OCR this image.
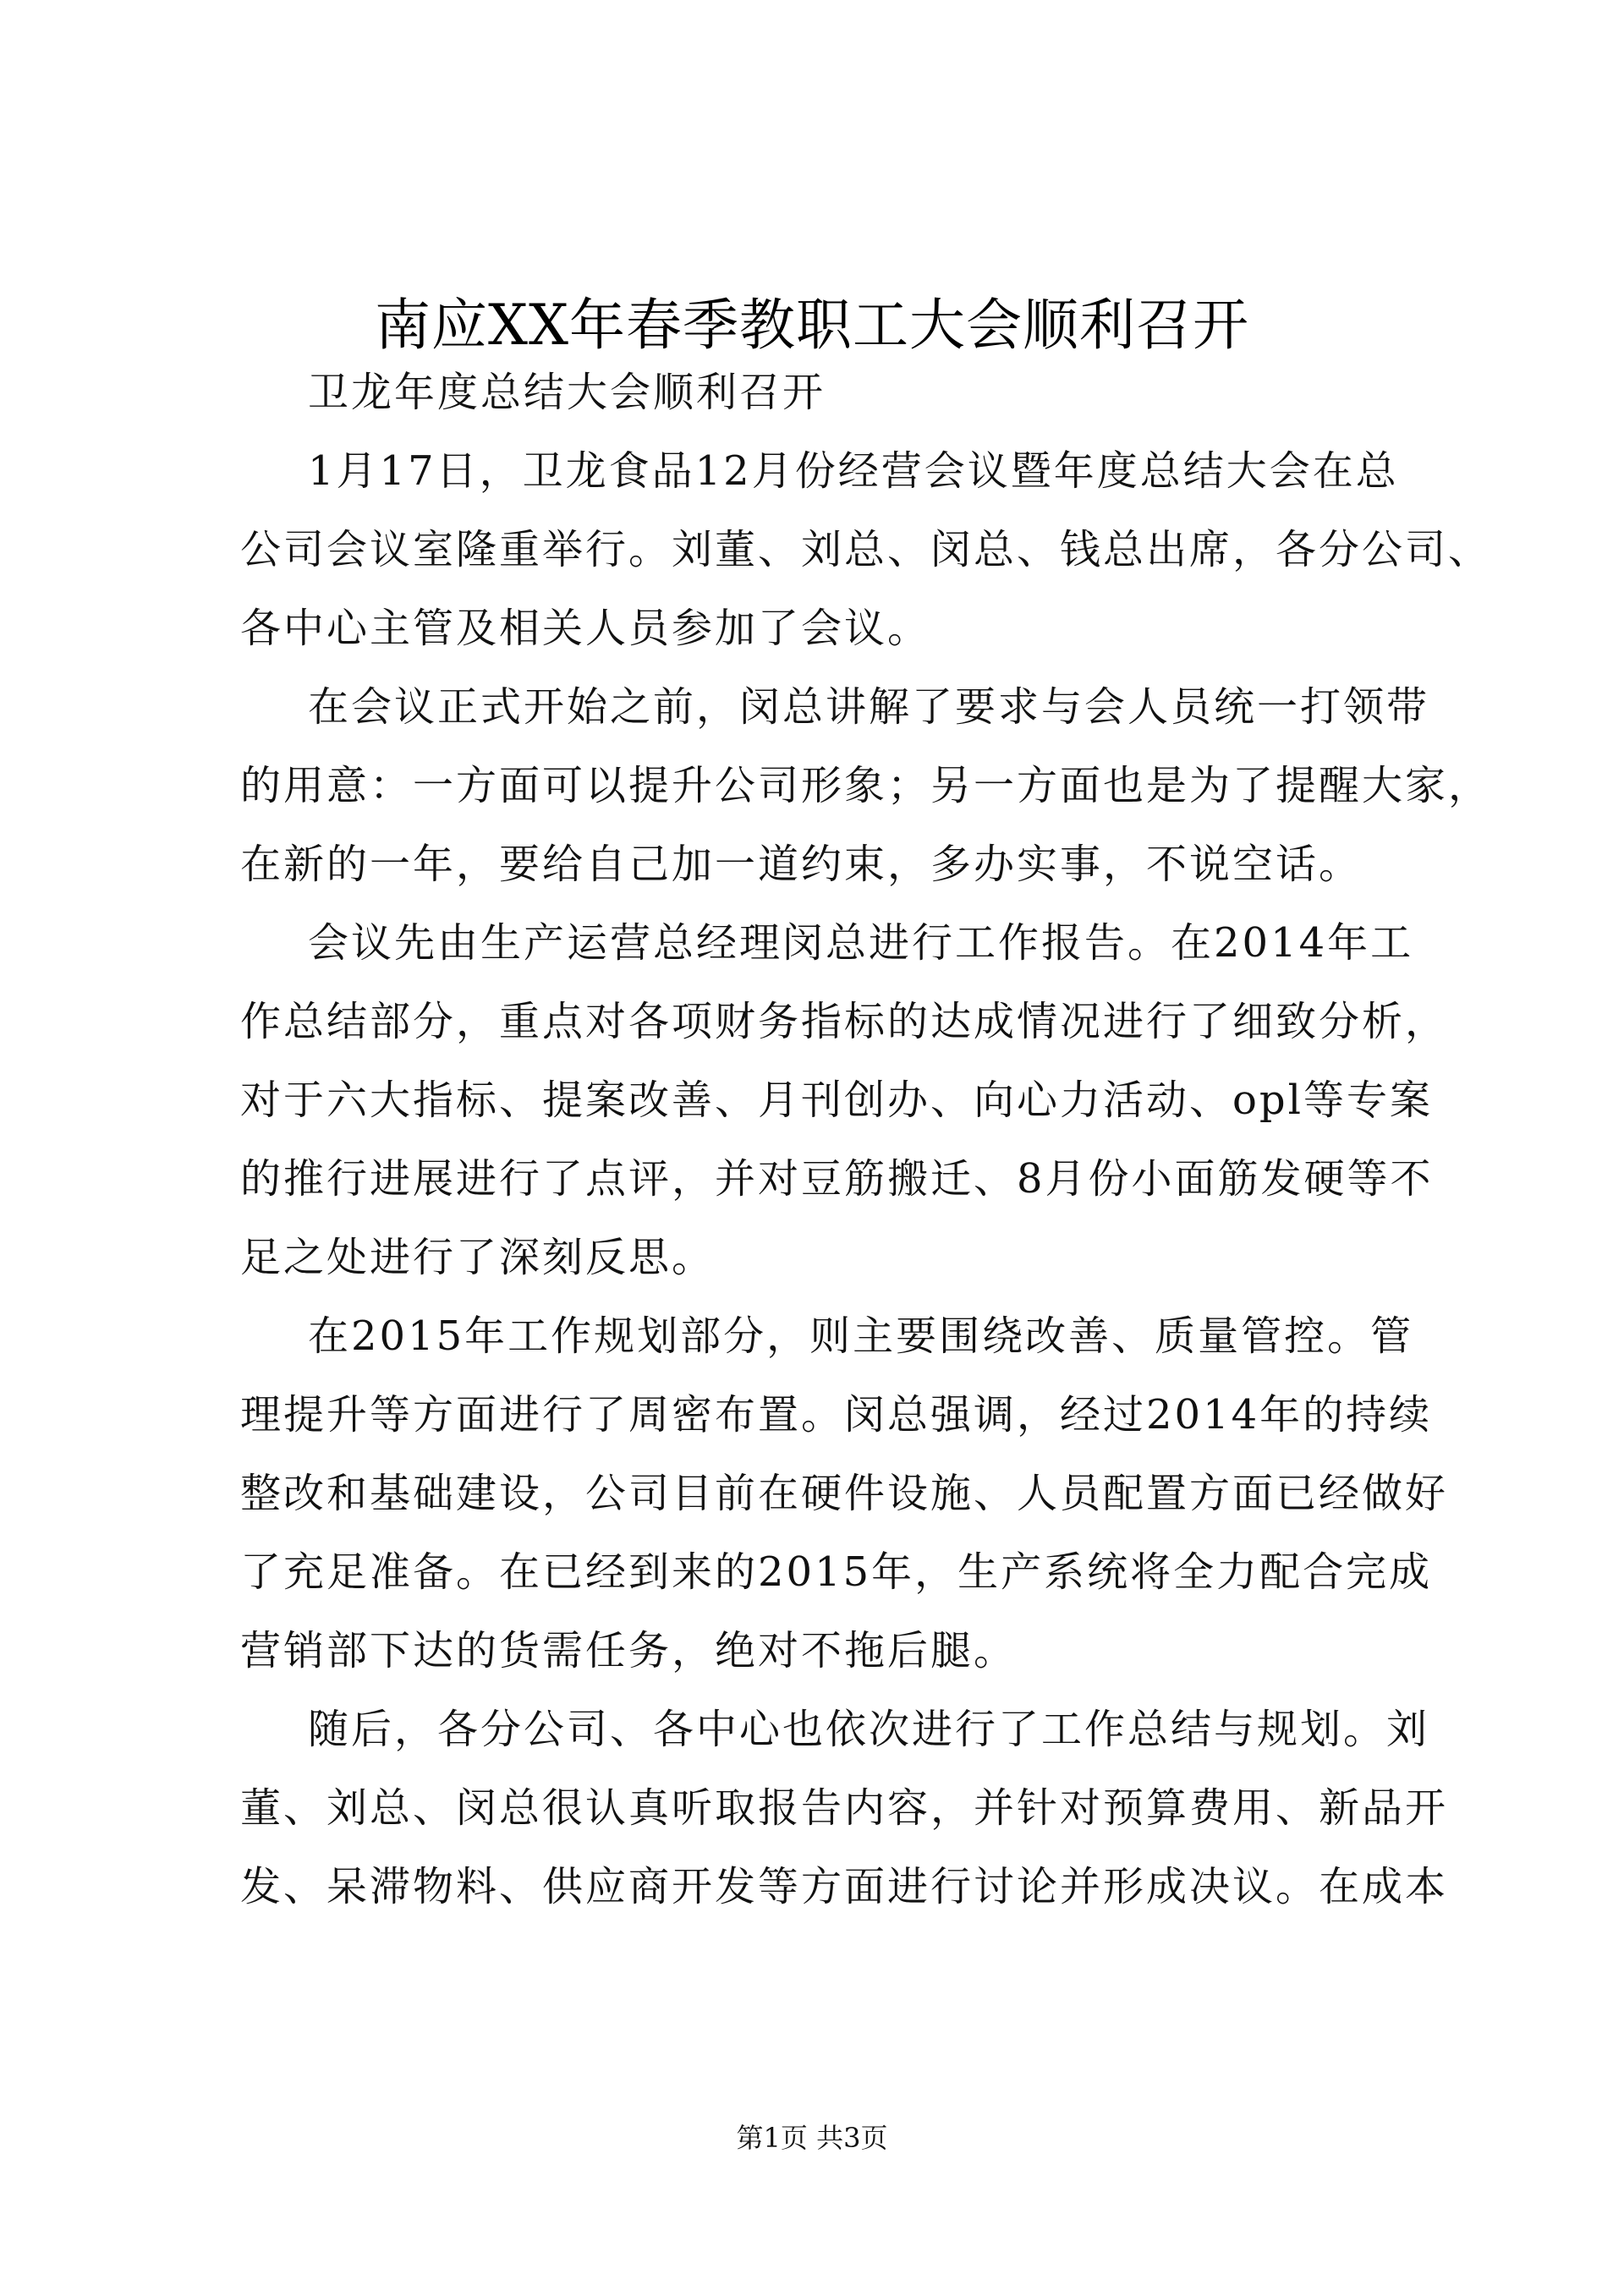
南应XX年春季教职工大会顺利召开

卫龙年度总结大会顺利召开

1月17日，卫龙食品12月份经营会议暨年度总结大会在总
公司会议室隆重举行。刘董、刘总、闵总、钱总出席，各分公司、
各中心主管及相关人员参加了会议。

在会议正式开始之前，闵总讲解了要求与会人员统一打领带
的用意：一方面可以提升公司形象；另一方面也是为了提醒大家，
在新的一年，要给自己加一道约束，多办实事，不说空话。

会议先由生产运营总经理闵总进行工作报告。在2014年工
作总结部分，重点对各项财务指标的达成情况进行了细致分析，
对于六大指标、提案改善、月刊创办、向心力活动、opl等专案
的推行进展进行了点评，并对豆筋搬迁、8月份小面筋发硬等不
足之处进行了深刻反思。

在2015年工作规划部分，则主要围绕改善、质量管控。管
理提升等方面进行了周密布置。闵总强调，经过2014年的持续
整改和基础建设，公司目前在硬件设施、人员配置方面已经做好
了充足准备。在已经到来的2015年，生产系统将全力配合完成
营销部下达的货需任务，绝对不拖后腿。

随后，各分公司、各中心也依次进行了工作总结与规划。刘
董、刘总、闵总很认真听取报告内容，并针对预算费用、新品开
发、呆滞物料、供应商开发等方面进行讨论并形成决议。在成本

第1页 共3页
